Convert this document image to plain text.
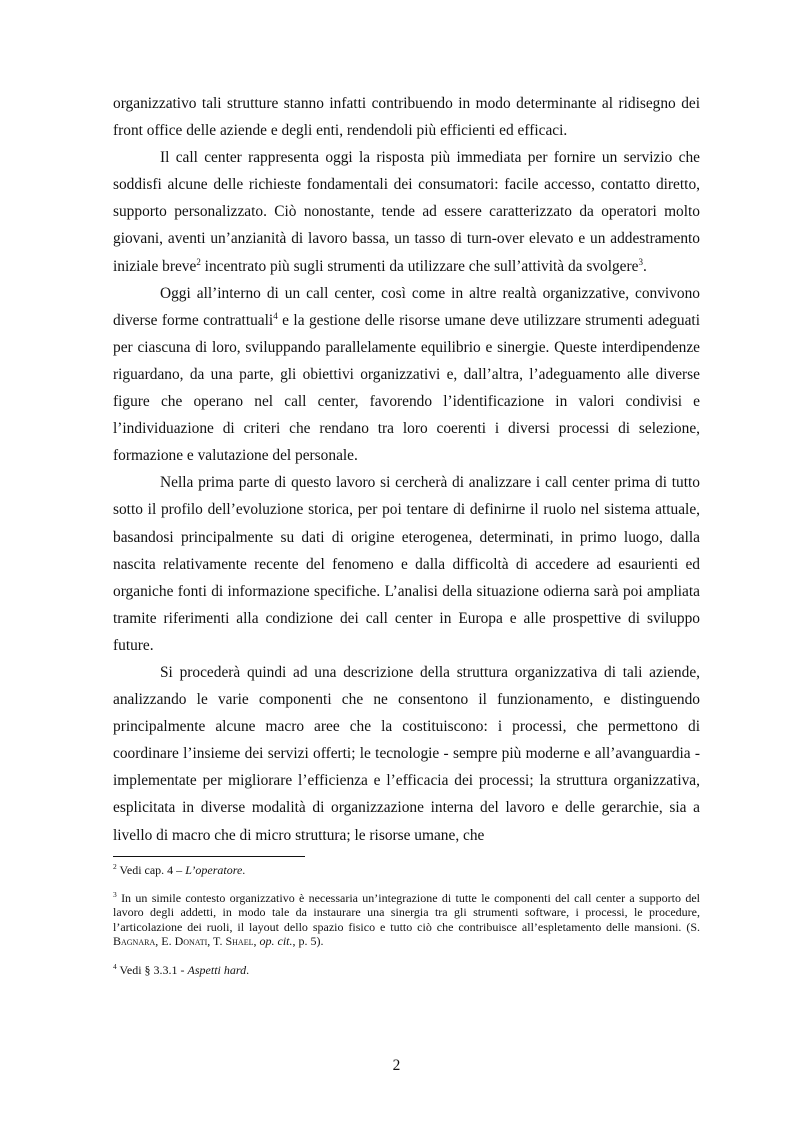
organizzativo tali strutture stanno infatti contribuendo in modo determinante al ridisegno dei front office delle aziende e degli enti, rendendoli più efficienti ed efficaci.

Il call center rappresenta oggi la risposta più immediata per fornire un servizio che soddisfi alcune delle richieste fondamentali dei consumatori: facile accesso, contatto diretto, supporto personalizzato. Ciò nonostante, tende ad essere caratterizzato da operatori molto giovani, aventi un’anzianità di lavoro bassa, un tasso di turn-over elevato e un addestramento iniziale breve$^2$ incentrato più sugli strumenti da utilizzare che sull’attività da svolgere$^3$.

Oggi all’interno di un call center, così come in altre realtà organizzative, convivono diverse forme contrattuali$^4$ e la gestione delle risorse umane deve utilizzare strumenti adeguati per ciascuna di loro, sviluppando parallelamente equilibrio e sinergie. Queste interdipendenze riguardano, da una parte, gli obiettivi organizzativi e, dall’altra, l’adeguamento alle diverse figure che operano nel call center, favorendo l’identificazione in valori condivisi e l’individuazione di criteri che rendano tra loro coerenti i diversi processi di selezione, formazione e valutazione del personale.

Nella prima parte di questo lavoro si cercherà di analizzare i call center prima di tutto sotto il profilo dell’evoluzione storica, per poi tentare di definirne il ruolo nel sistema attuale, basandosi principalmente su dati di origine eterogenea, determinati, in primo luogo, dalla nascita relativamente recente del fenomeno e dalla difficoltà di accedere ad esaurienti ed organiche fonti di informazione specifiche. L’analisi della situazione odierna sarà poi ampliata tramite riferimenti alla condizione dei call center in Europa e alle prospettive di sviluppo future.

Si procederà quindi ad una descrizione della struttura organizzativa di tali aziende, analizzando le varie componenti che ne consentono il funzionamento, e distinguendo principalmente alcune macro aree che la costituiscono: i processi, che permettono di coordinare l’insieme dei servizi offerti; le tecnologie - sempre più moderne e all’avanguardia - implementate per migliorare l’efficienza e l’efficacia dei processi; la struttura organizzativa, esplicitata in diverse modalità di organizzazione interna del lavoro e delle gerarchie, sia a livello di macro che di micro struttura; le risorse umane, che

$^2$ Vedi cap. 4 – L’operatore.

$^3$ In un simile contesto organizzativo è necessaria un’integrazione di tutte le componenti del call center a supporto del lavoro degli addetti, in modo tale da instaurare una sinergia tra gli strumenti software, i processi, le procedure, l’articolazione dei ruoli, il layout dello spazio fisico e tutto ciò che contribuisce all’espletamento delle mansioni. (S. Bagnara, E. Donati, T. Shael, op. cit., p. 5).

$^4$ Vedi § 3.3.1 - Aspetti hard.

2
